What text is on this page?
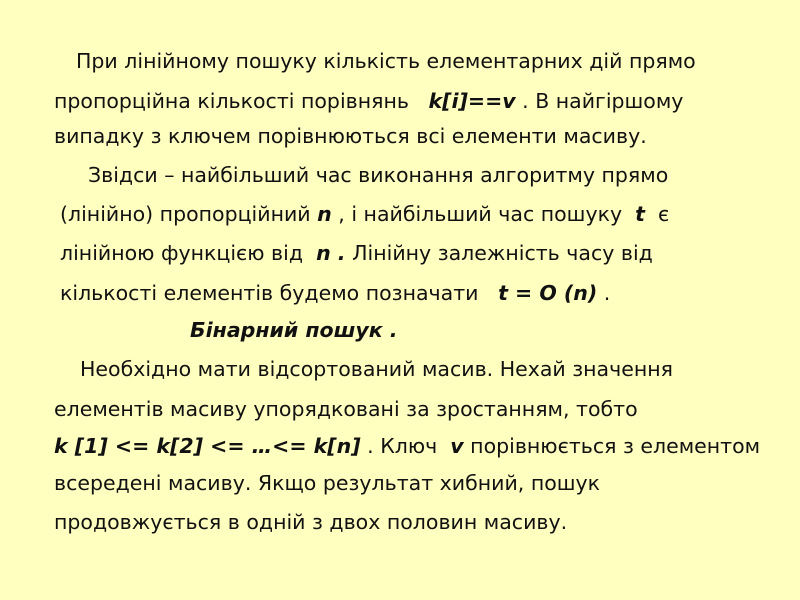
При лінійному пошуку кількість елементарних дій прямо
пропорційна кількості порівнянь k[i]==v . В найгіршому
випадку з ключем порівнюються всі елементи масиву.
Звідси – найбільший час виконання алгоритму прямо
(лінійно) пропорційний n , і найбільший час пошуку t є
лінійною функцією від n . Лінійну залежність часу від
кількості елементів будемо позначати t = O (n) .
Бінарний пошук .
Необхідно мати відсортований масив. Нехай значення
елементів масиву упорядковані за зростанням, тобто
k [1] <= k[2] <= …<= k[n] . Ключ v порівнюється з елементом
всередені масиву. Якщо результат хибний, пошук
продовжується в одній з двох половин масиву.
